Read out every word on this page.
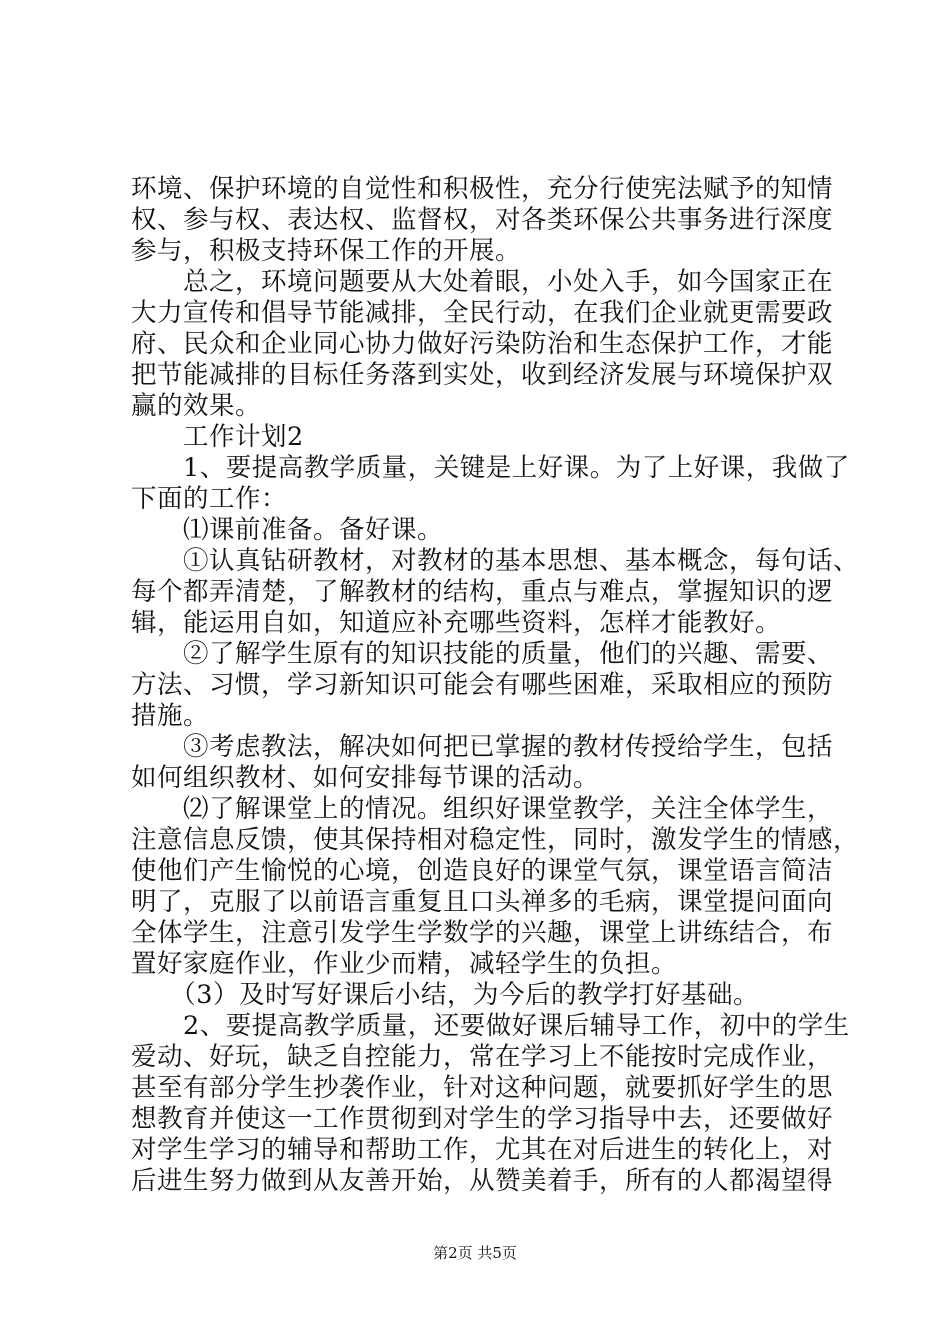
环境、保护环境的自觉性和积极性，充分行使宪法赋予的知情
权、参与权、表达权、监督权，对各类环保公共事务进行深度
参与，积极支持环保工作的开展。
　　总之，环境问题要从大处着眼，小处入手，如今国家正在
大力宣传和倡导节能减排，全民行动，在我们企业就更需要政
府、民众和企业同心协力做好污染防治和生态保护工作，才能
把节能减排的目标任务落到实处，收到经济发展与环境保护双
赢的效果。
　　工作计划2
　　1、要提高教学质量，关键是上好课。为了上好课，我做了
下面的工作：
　　⑴课前准备。备好课。
　　①认真钻研教材，对教材的基本思想、基本概念，每句话、
每个都弄清楚，了解教材的结构，重点与难点，掌握知识的逻
辑，能运用自如，知道应补充哪些资料，怎样才能教好。
　　②了解学生原有的知识技能的质量，他们的兴趣、需要、
方法、习惯，学习新知识可能会有哪些困难，采取相应的预防
措施。
　　③考虑教法，解决如何把已掌握的教材传授给学生，包括
如何组织教材、如何安排每节课的活动。
　　⑵了解课堂上的情况。组织好课堂教学，关注全体学生，
注意信息反馈，使其保持相对稳定性，同时，激发学生的情感，
使他们产生愉悦的心境，创造良好的课堂气氛，课堂语言简洁
明了，克服了以前语言重复且口头禅多的毛病，课堂提问面向
全体学生，注意引发学生学数学的兴趣，课堂上讲练结合，布
置好家庭作业，作业少而精，减轻学生的负担。
　　（3）及时写好课后小结，为今后的教学打好基础。
　　2、要提高教学质量，还要做好课后辅导工作，初中的学生
爱动、好玩，缺乏自控能力，常在学习上不能按时完成作业，
甚至有部分学生抄袭作业，针对这种问题，就要抓好学生的思
想教育并使这一工作贯彻到对学生的学习指导中去，还要做好
对学生学习的辅导和帮助工作，尤其在对后进生的转化上，对
后进生努力做到从友善开始，从赞美着手，所有的人都渴望得
第2页 共5页
